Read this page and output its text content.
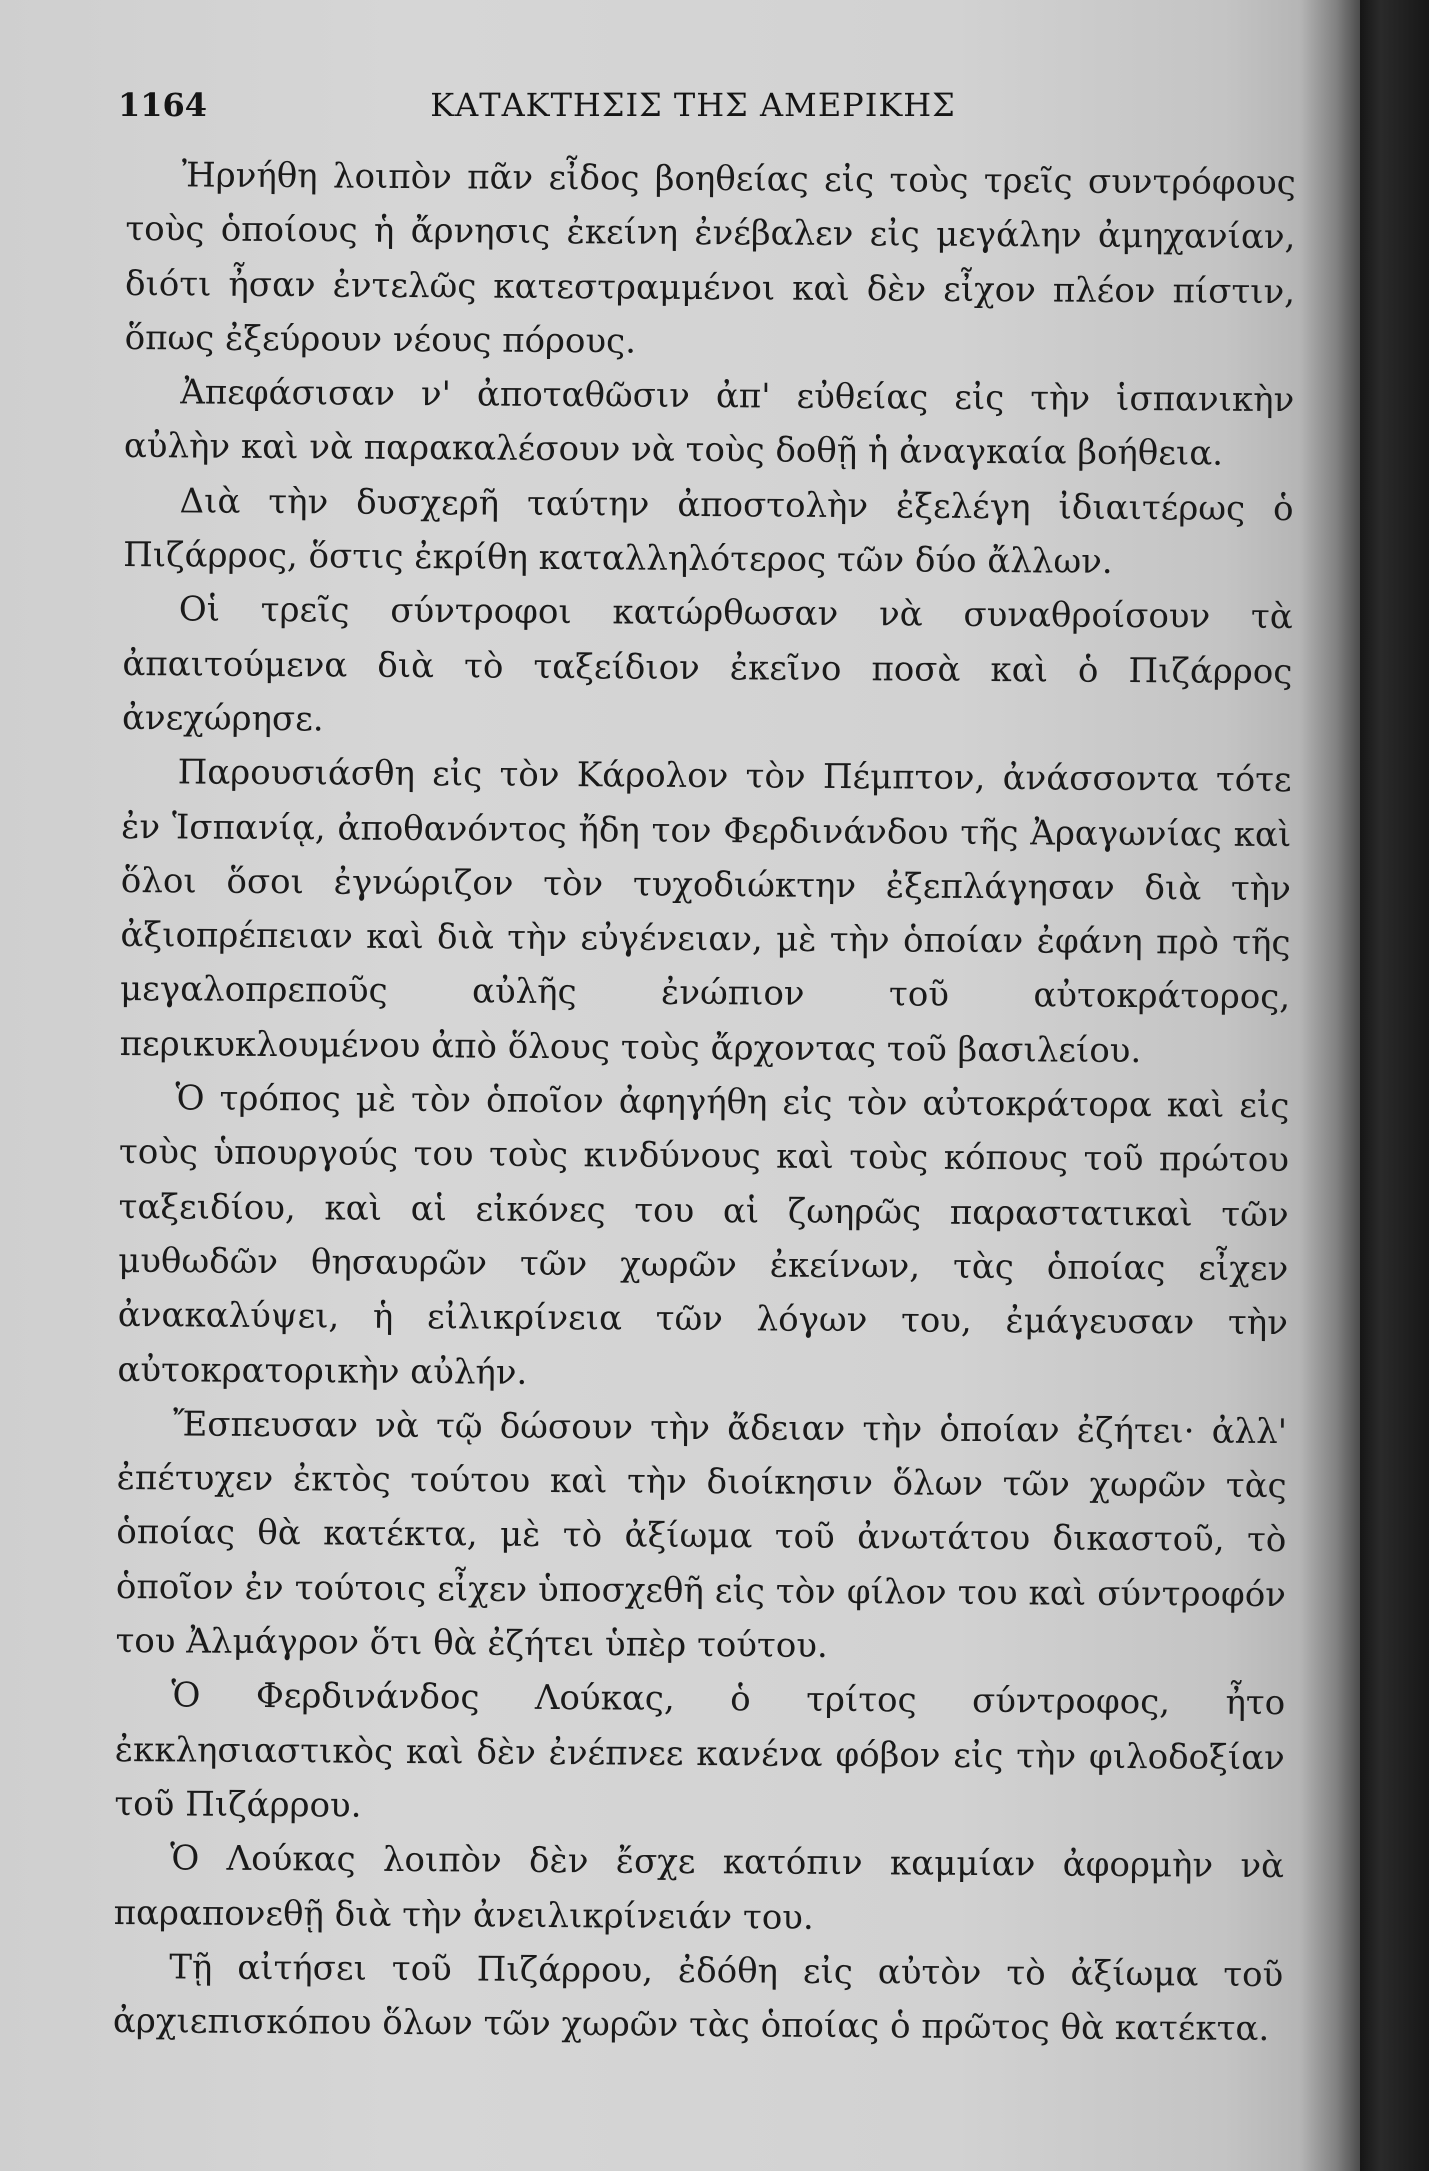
1164	ΚΑΤΑΚΤΗΣΙΣ ΤΗΣ ΑΜΕΡΙΚΗΣ

Ἠρνήθη λοιπὸν πᾶν εἶδος βοηθείας εἰς τοὺς τρεῖς συντρόφους τοὺς ὁποίους ἡ ἄρνησις ἐκείνη ἐνέβαλεν εἰς μεγάλην ἀμηχανίαν, διότι ἦσαν ἐντελῶς κατεστραμμένοι καὶ δὲν εἶχον πλέον πίστιν, ὅπως ἐξεύρουν νέους πόρους.

Ἀπεφάσισαν ν' ἀποταθῶσιν ἀπ' εὐθείας εἰς τὴν ἱσπανικὴν αὐλὴν καὶ νὰ παρακαλέσουν νὰ τοὺς δοθῇ ἡ ἀναγκαία βοήθεια.

Διὰ τὴν δυσχερῆ ταύτην ἀποστολὴν ἐξελέγη ἰδιαιτέρως ὁ Πιζάρρος, ὅστις ἐκρίθη καταλληλότερος τῶν δύο ἄλλων.

Οἱ τρεῖς σύντροφοι κατώρθωσαν νὰ συναθροίσουν τὰ ἀπαιτούμενα διὰ τὸ ταξείδιον ἐκεῖνο ποσὰ καὶ ὁ Πιζάρρος ἀνεχώρησε.

Παρουσιάσθη εἰς τὸν Κάρολον τὸν Πέμπτον, ἀνάσσοντα τότε ἐν Ἱσπανίᾳ, ἀποθανόντος ἤδη τον Φερδινάνδου τῆς Ἀραγωνίας καὶ ὅλοι ὅσοι ἐγνώριζον τὸν τυχοδιώκτην ἐξεπλάγησαν διὰ τὴν ἀξιοπρέπειαν καὶ διὰ τὴν εὐγένειαν, μὲ τὴν ὁποίαν ἐφάνη πρὸ τῆς μεγαλοπρεποῦς αὐλῆς ἐνώπιον τοῦ αὐτοκράτορος, περικυκλουμένου ἀπὸ ὅλους τοὺς ἄρχοντας τοῦ βασιλείου.

Ὁ τρόπος μὲ τὸν ὁποῖον ἀφηγήθη εἰς τὸν αὐτοκράτορα καὶ εἰς τοὺς ὑπουργούς του τοὺς κινδύνους καὶ τοὺς κόπους τοῦ πρώτου ταξειδίου, καὶ αἱ εἰκόνες του αἱ ζωηρῶς παραστατικαὶ τῶν μυθωδῶν θησαυρῶν τῶν χωρῶν ἐκείνων, τὰς ὁποίας εἶχεν ἀνακαλύψει, ἡ εἰλικρίνεια τῶν λόγων του, ἐμάγευσαν τὴν αὐτοκρατορικὴν αὐλήν.

Ἔσπευσαν νὰ τῷ δώσουν τὴν ἄδειαν τὴν ὁποίαν ἐζήτει· ἀλλ' ἐπέτυχεν ἐκτὸς τούτου καὶ τὴν διοίκησιν ὅλων τῶν χωρῶν τὰς ὁποίας θὰ κατέκτα, μὲ τὸ ἀξίωμα τοῦ ἀνωτάτου δικαστοῦ, τὸ ὁποῖον ἐν τούτοις εἶχεν ὑποσχεθῆ εἰς τὸν φίλον του καὶ σύντροφόν του Ἀλμάγρον ὅτι θὰ ἐζήτει ὑπὲρ τούτου.

Ὁ Φερδινάνδος Λούκας, ὁ τρίτος σύντροφος, ἦτο ἐκκλησιαστικὸς καὶ δὲν ἐνέπνεε κανένα φόβον εἰς τὴν φιλοδοξίαν τοῦ Πιζάρρου.

Ὁ Λούκας λοιπὸν δὲν ἔσχε κατόπιν καμμίαν ἀφορμὴν νὰ παραπονεθῇ διὰ τὴν ἀνειλικρίνειάν του.

Τῇ αἰτήσει τοῦ Πιζάρρου, ἐδόθη εἰς αὐτὸν τὸ ἀξίωμα τοῦ ἀρχιεπισκόπου ὅλων τῶν χωρῶν τὰς ὁποίας ὁ πρῶτος θὰ κατέκτα.
